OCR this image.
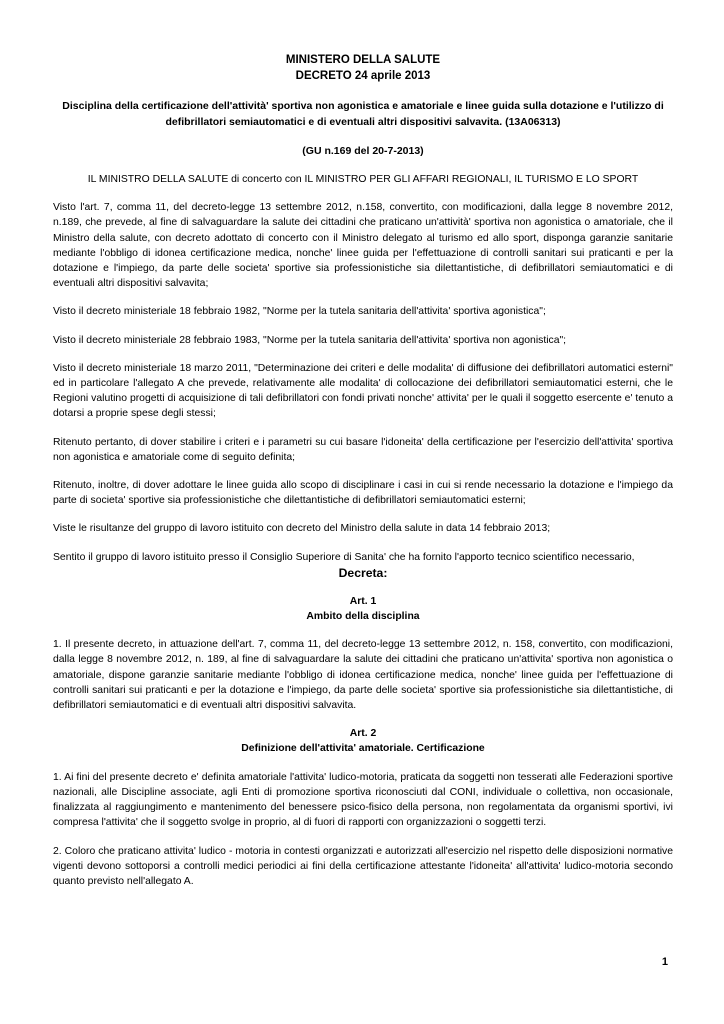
MINISTERO DELLA SALUTE
DECRETO 24 aprile 2013
Disciplina della certificazione dell'attività' sportiva non agonistica e amatoriale e linee guida sulla dotazione e l'utilizzo di defibrillatori semiautomatici e di eventuali altri dispositivi salvavita. (13A06313)
(GU n.169 del 20-7-2013)

IL MINISTRO DELLA SALUTE di concerto con IL MINISTRO PER GLI AFFARI REGIONALI, IL TURISMO E LO SPORT

Visto l'art. 7, comma 11, del decreto-legge 13 settembre 2012, n.158, convertito, con modificazioni, dalla legge 8 novembre 2012, n.189, che prevede, al fine di salvaguardare la salute dei cittadini che praticano un'attività' sportiva non agonistica o amatoriale, che il Ministro della salute, con decreto adottato di concerto con il Ministro delegato al turismo ed allo sport, disponga garanzie sanitarie mediante l'obbligo di idonea certificazione medica, nonche' linee guida per l'effettuazione di controlli sanitari sui praticanti e per la dotazione e l'impiego, da parte delle societa' sportive sia professionistiche sia dilettantistiche, di defibrillatori semiautomatici e di eventuali altri dispositivi salvavita;

Visto il decreto ministeriale 18 febbraio 1982, "Norme per la tutela sanitaria dell'attivita' sportiva agonistica";

Visto il decreto ministeriale 28 febbraio 1983, "Norme per la tutela sanitaria dell'attivita' sportiva non agonistica";

Visto il decreto ministeriale 18 marzo 2011, "Determinazione dei criteri e delle modalita' di diffusione dei defibrillatori automatici esterni" ed in particolare l'allegato A che prevede, relativamente alle modalita' di collocazione dei defibrillatori semiautomatici esterni, che le Regioni valutino progetti di acquisizione di tali defibrillatori con fondi privati nonche' attivita' per le quali il soggetto esercente e' tenuto a dotarsi a proprie spese degli stessi;

Ritenuto pertanto, di dover stabilire i criteri e i parametri su cui basare l'idoneita' della certificazione per l'esercizio dell'attivita' sportiva non agonistica e amatoriale come di seguito definita;

Ritenuto, inoltre, di dover adottare le linee guida allo scopo di disciplinare i casi in cui si rende necessario la dotazione e l'impiego da parte di societa' sportive sia professionistiche che dilettantistiche di defibrillatori semiautomatici esterni;

Viste le risultanze del gruppo di lavoro istituito con decreto del Ministro della salute in data 14 febbraio 2013;

Sentito il gruppo di lavoro istituito presso il Consiglio Superiore di Sanita' che ha fornito l'apporto tecnico scientifico necessario,

Decreta:
Art. 1
Ambito della disciplina

1. Il presente decreto, in attuazione dell'art. 7, comma 11, del decreto-legge 13 settembre 2012, n. 158, convertito, con modificazioni, dalla legge 8 novembre 2012, n. 189, al fine di salvaguardare la salute dei cittadini che praticano un'attivita' sportiva non agonistica o amatoriale, dispone garanzie sanitarie mediante l'obbligo di idonea certificazione medica, nonche' linee guida per l'effettuazione di controlli sanitari sui praticanti e per la dotazione e l'impiego, da parte delle societa' sportive sia professionistiche sia dilettantistiche, di defibrillatori semiautomatici e di eventuali altri dispositivi salvavita.

Art. 2
Definizione dell'attivita' amatoriale. Certificazione

1. Ai fini del presente decreto e' definita amatoriale l'attivita' ludico-motoria, praticata da soggetti non tesserati alle Federazioni sportive nazionali, alle Discipline associate, agli Enti di promozione sportiva riconosciuti dal CONI, individuale o collettiva, non occasionale, finalizzata al raggiungimento e mantenimento del benessere psico-fisico della persona, non regolamentata da organismi sportivi, ivi compresa l'attivita' che il soggetto svolge in proprio, al di fuori di rapporti con organizzazioni o soggetti terzi.

2. Coloro che praticano attivita' ludico - motoria in contesti organizzati e autorizzati all'esercizio nel rispetto delle disposizioni normative vigenti devono sottoporsi a controlli medici periodici ai fini della certificazione attestante l'idoneita' all'attivita' ludico-motoria secondo quanto previsto nell'allegato A.

1
